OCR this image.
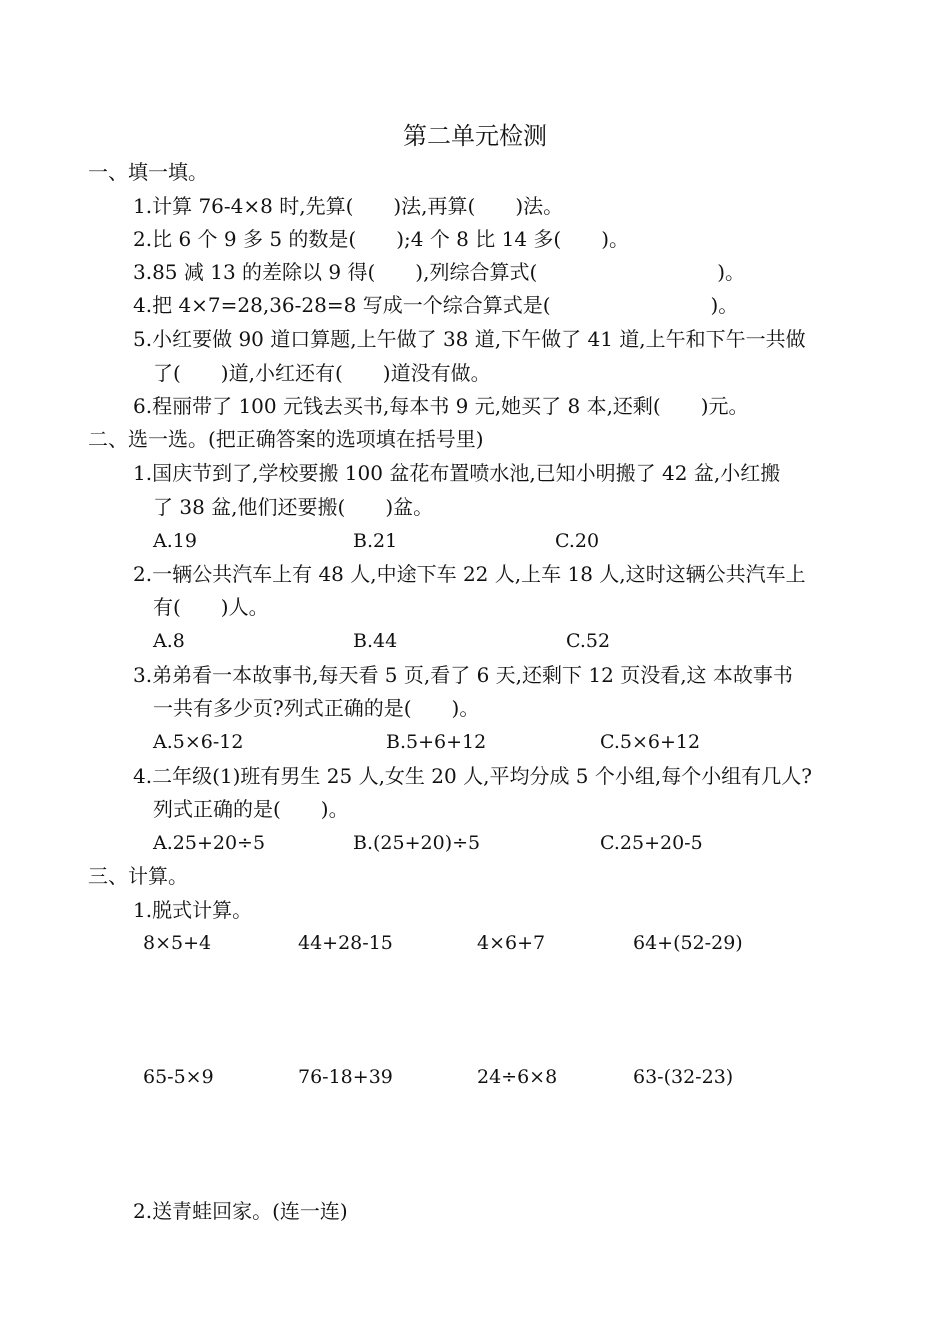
第二单元检测
一、填一填。
1.计算 76-4×8 时,先算(　　)法,再算(　　)法。
2.比 6 个 9 多 5 的数是(　　);4 个 8 比 14 多(　　)。
3.85 减 13 的差除以 9 得(　　),列综合算式(　　　　　　　　　)。
4.把 4×7=28,36-28=8 写成一个综合算式是(　　　　　　　　)。
5.小红要做 90 道口算题,上午做了 38 道,下午做了 41 道,上午和下午一共做
了(　　)道,小红还有(　　)道没有做。
6.程丽带了 100 元钱去买书,每本书 9 元,她买了 8 本,还剩(　　)元。
二、选一选。(把正确答案的选项填在括号里)
1.国庆节到了,学校要搬 100 盆花布置喷水池,已知小明搬了 42 盆,小红搬
了 38 盆,他们还要搬(　　)盆。
A.19	B.21	C.20
2.一辆公共汽车上有 48 人,中途下车 22 人,上车 18 人,这时这辆公共汽车上
有(　　)人。
A.8	B.44	C.52
3.弟弟看一本故事书,每天看 5 页,看了 6 天,还剩下 12 页没看,这 本故事书
一共有多少页?列式正确的是(　　)。
A.5×6-12	B.5+6+12	C.5×6+12
4.二年级(1)班有男生 25 人,女生 20 人,平均分成 5 个小组,每个小组有几人?
列式正确的是(　　)。
A.25+20÷5	B.(25+20)÷5	C.25+20-5
三、计算。
1.脱式计算。
8×5+4	44+28-15	4×6+7	64+(52-29)
65-5×9	76-18+39	24÷6×8	63-(32-23)
2.送青蛙回家。(连一连)
